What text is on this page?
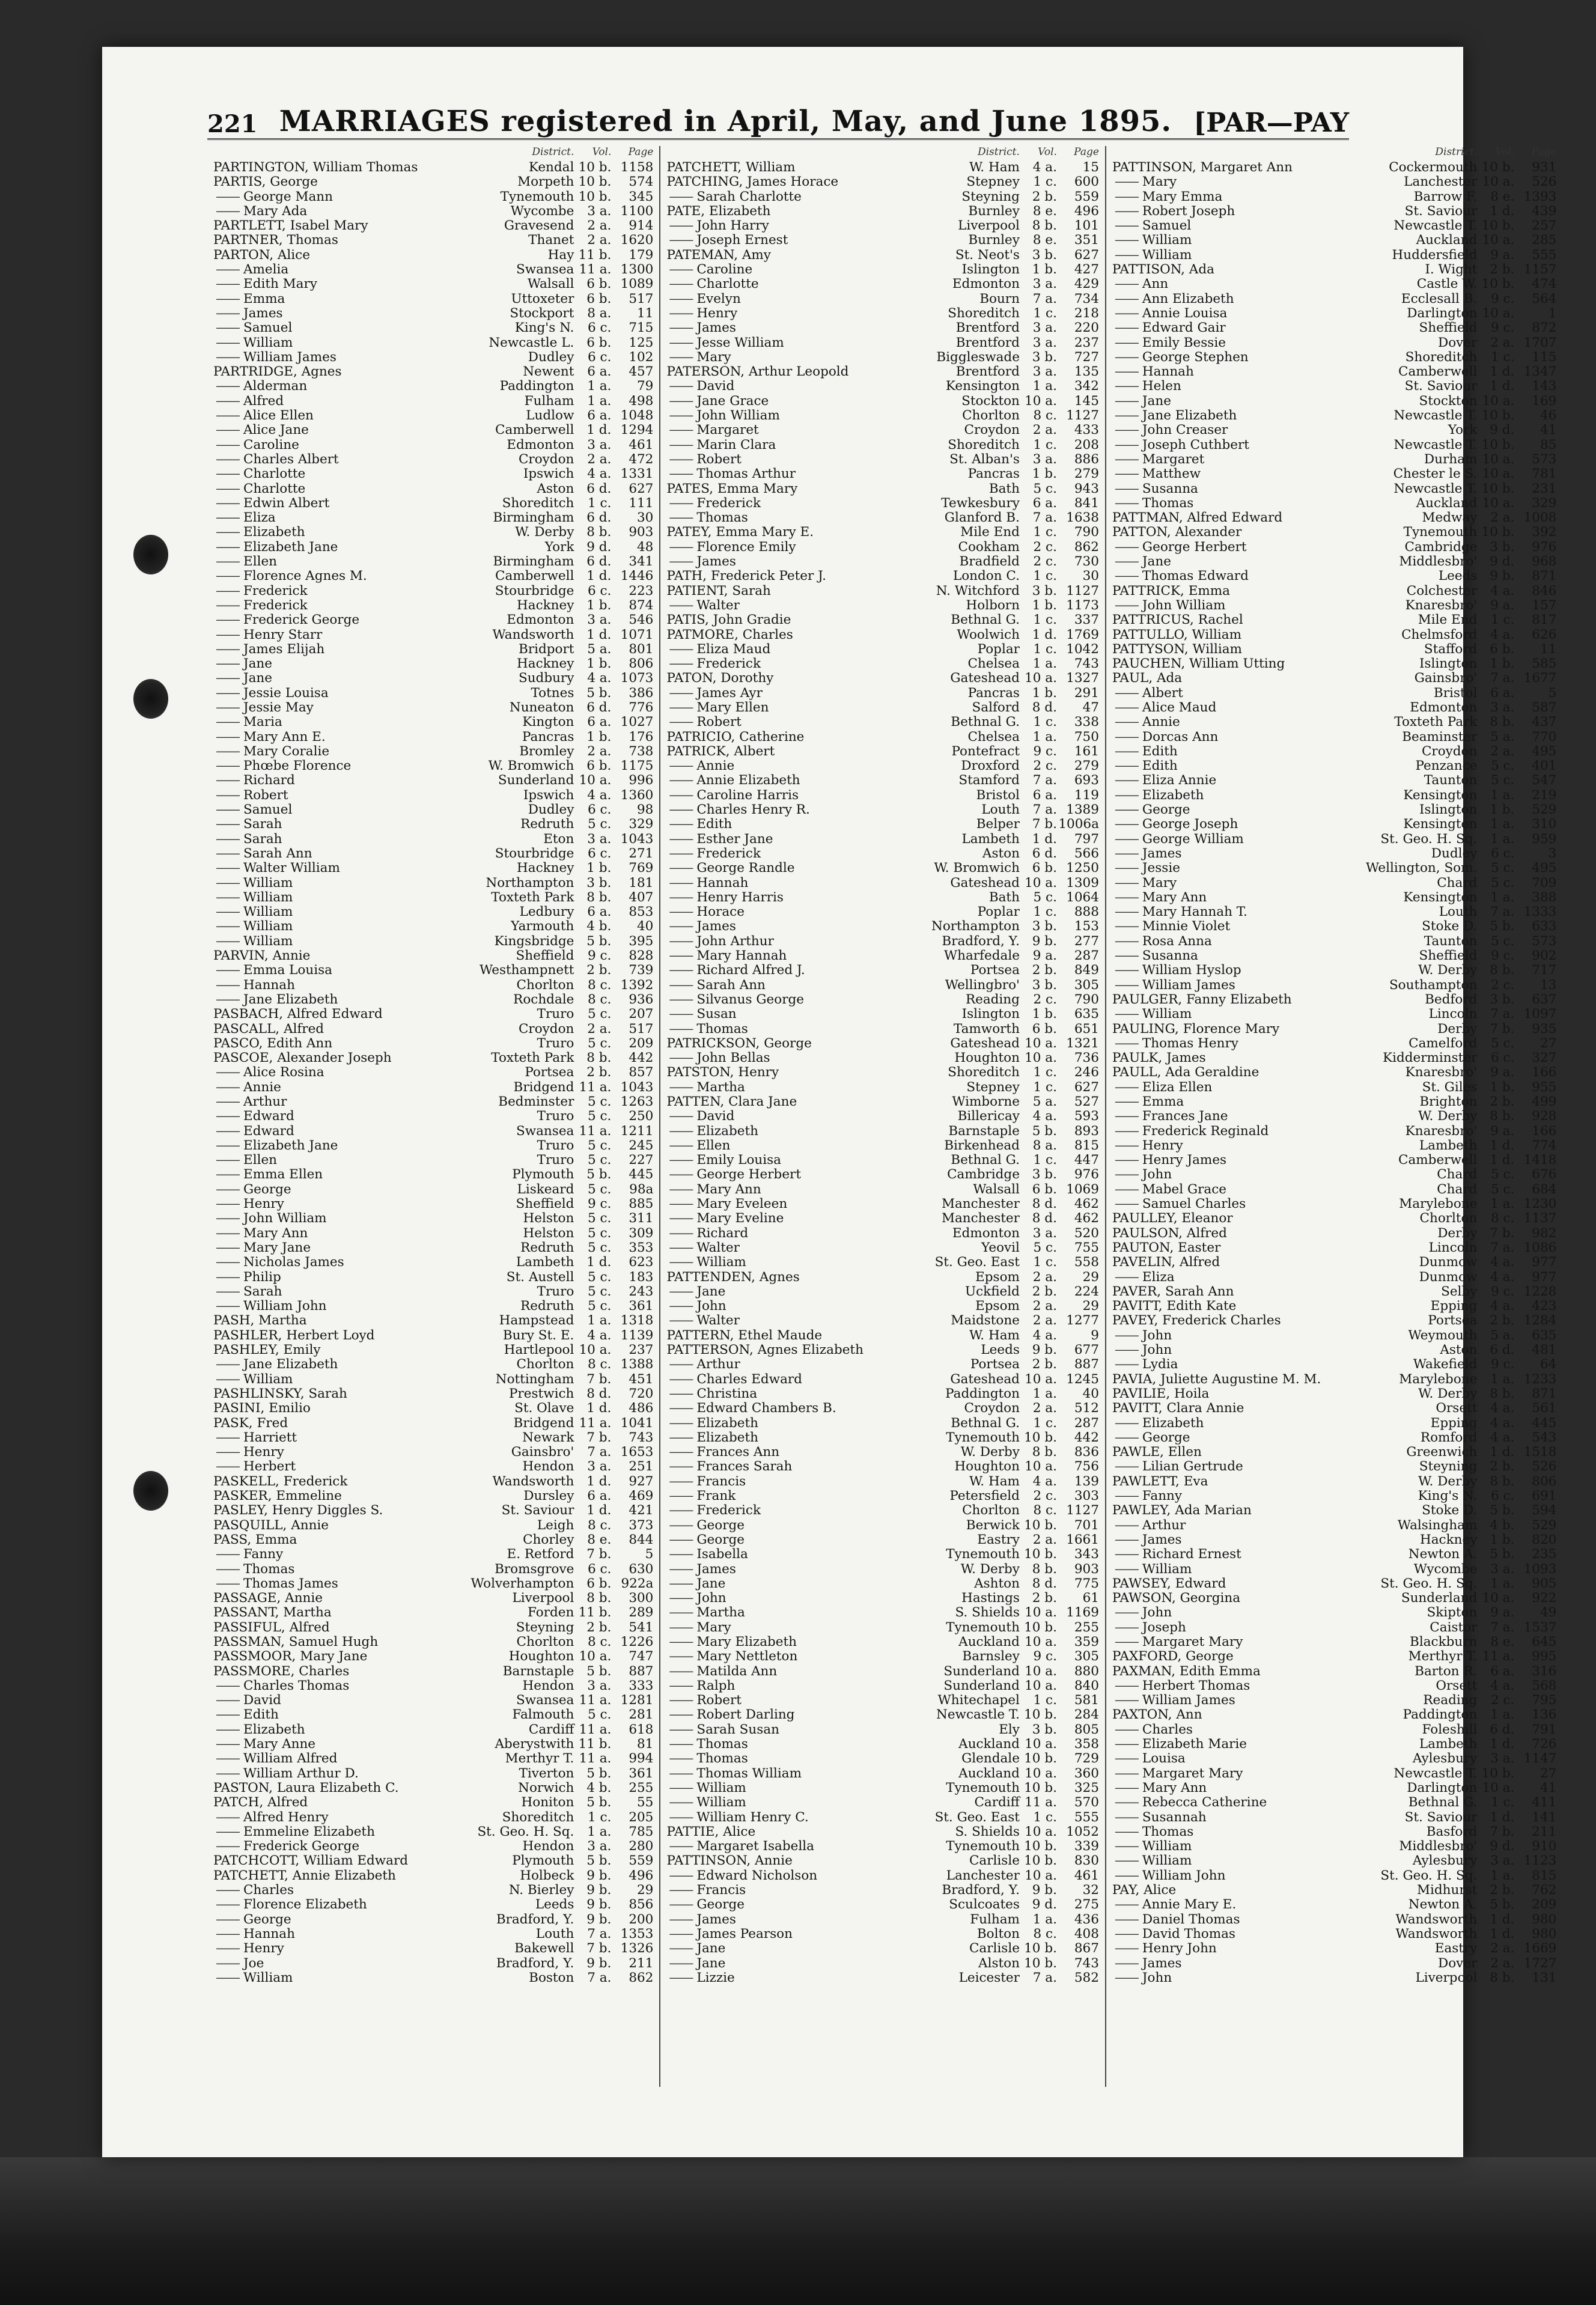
221 MARRIAGES registered in April, May, and June 1895. [PAR—PAY
District.	Vol.	Page
PARTINGTON, William Thomas	Kendal 10 b. 1158
PARTIS, George	Morpeth 10 b.	574
—— George Mann	Tynemouth 10 b.	345
—— Mary Ada	Wycombe	3 a. 1100
PARTLETT, Isabel Mary	Gravesend	2 a.	914
PARTNER, Thomas	Thanet	2 a. 1620
PARTON, Alice	Hay 11 b.	179
—— Amelia	Swansea 11 a. 1300
—— Edith Mary	Walsall 6 b. 1089
—— Emma	Uttoxeter 6 b.	517
—— James	Stockport	8 a.	11
—— Samuel	King's N.	6 c.	715
—— William	Newcastle L. 6 b.	125
—— William James	Dudley	6 c.	102
PARTRIDGE, Agnes	Newent	6 a.	457
—— Alderman	Paddington	1 a.	79
—— Alfred	Fulham	1 a.	498
—— Alice Ellen	Ludlow	6 a. 1048
—— Alice Jane	Camberwell 1 d. 1294
—— Caroline	Edmonton	3 a.	461
—— Charles Albert	Croydon	2 a.	472
—— Charlotte	Ipswich	4 a. 1331
—— Charlotte	Aston 6 d.	627
—— Edwin Albert	Shoreditch	1 c.	111
—— Eliza	Birmingham 6 d.	30
—— Elizabeth	W. Derby 8 b.	903
—— Elizabeth Jane	York 9 d.	48
—— Ellen	Birmingham 6 d.	341
—— Florence Agnes M.	Camberwell 1 d. 1446
—— Frederick	Stourbridge	6 c.	223
—— Frederick	Hackney 1 b.	874
—— Frederick George	Edmonton	3 a.	546
—— Henry Starr	Wandsworth 1 d. 1071
—— James Elijah	Bridport	5 a.	801
—— Jane	Hackney 1 b.	806
—— Jane	Sudbury	4 a. 1073
—— Jessie Louisa	Totnes 5 b.	386
—— Jessie May	Nuneaton 6 d.	776
—— Maria	Kington	6 a. 1027
—— Mary Ann E.	Pancras 1 b.	176
—— Mary Coralie	Bromley	2 a.	738
—— Phœbe Florence	W. Bromwich 6 b. 1175
—— Richard	Sunderland 10 a.	996
—— Robert	Ipswich	4 a. 1360
—— Samuel	Dudley	6 c.	98
—— Sarah	Redruth	5 c.	329
—— Sarah	Eton	3 a. 1043
—— Sarah Ann	Stourbridge	6 c.	271
—— Walter William	Hackney 1 b.	769
—— William	Northampton 3 b.	181
—— William	Toxteth Park 8 b.	407
—— William	Ledbury	6 a.	853
—— William	Yarmouth 4 b.	40
—— William	Kingsbridge 5 b.	395
PARVIN, Annie	Sheffield	9 c.	828
—— Emma Louisa	Westhampnett 2 b.	739
—— Hannah	Chorlton	8 c. 1392
—— Jane Elizabeth	Rochdale	8 c.	936
PASBACH, Alfred Edward	Truro	5 c.	207
PASCALL, Alfred	Croydon	2 a.	517
PASCO, Edith Ann	Truro	5 c.	209
PASCOE, Alexander Joseph	Toxteth Park 8 b.	442
—— Alice Rosina	Portsea 2 b.	857
—— Annie	Bridgend 11 a. 1043
—— Arthur	Bedminster	5 c. 1263
—— Edward	Truro	5 c.	250
—— Edward	Swansea 11 a. 1211
—— Elizabeth Jane	Truro	5 c.	245
—— Ellen	Truro	5 c.	227
—— Emma Ellen	Plymouth 5 b.	445
—— George	Liskeard	5 c.	98a
—— Henry	Sheffield	9 c.	885
—— John William	Helston	5 c.	311
—— Mary Ann	Helston	5 c.	309
—— Mary Jane	Redruth	5 c.	353
—— Nicholas James	Lambeth 1 d.	623
—— Philip	St. Austell	5 c.	183
—— Sarah	Truro	5 c.	243
—— William John	Redruth	5 c.	361
PASH, Martha	Hampstead	1 a. 1318
PASHLER, Herbert Loyd	Bury St. E.	4 a. 1139
PASHLEY, Emily	Hartlepool 10 a.	237
—— Jane Elizabeth	Chorlton	8 c. 1388
—— William	Nottingham 7 b.	451
PASHLINSKY, Sarah	Prestwich 8 d.	720
PASINI, Emilio	St. Olave 1 d.	486
PASK, Fred	Bridgend 11 a. 1041
—— Harriett	Newark 7 b.	743
—— Henry	Gainsbro'	7 a. 1653
—— Herbert	Hendon	3 a.	251
PASKELL, Frederick	Wandsworth 1 d.	927
PASKER, Emmeline	Dursley	6 a.	469
PASLEY, Henry Diggles S.	St. Saviour 1 d.	421
PASQUILL, Annie	Leigh	8 c.	373
PASS, Emma	Chorley	8 e.	844
—— Fanny	E. Retford 7 b.	5
—— Thomas	Bromsgrove	6 c.	630
—— Thomas James	Wolverhampton 6 b. 922a
PASSAGE, Annie	Liverpool 8 b.	300
PASSANT, Martha	Forden 11 b.	289
PASSIFUL, Alfred	Steyning 2 b.	541
PASSMAN, Samuel Hugh	Chorlton	8 c. 1226
PASSMOOR, Mary Jane	Houghton 10 a.	747
PASSMORE, Charles	Barnstaple 5 b.	887
—— Charles Thomas	Hendon	3 a.	333
—— David	Swansea 11 a. 1281
—— Edith	Falmouth	5 c.	281
—— Elizabeth	Cardiff 11 a.	618
—— Mary Anne	Aberystwith 11 b.	81
—— William Alfred	Merthyr T. 11 a.	994
—— William Arthur D.	Tiverton 5 b.	361
PASTON, Laura Elizabeth C.	Norwich 4 b.	255
PATCH, Alfred	Honiton 5 b.	55
—— Alfred Henry	Shoreditch	1 c.	205
—— Emmeline Elizabeth	St. Geo. H. Sq.	1 a.	785
—— Frederick George	Hendon	3 a.	280
PATCHCOTT, William Edward	Plymouth 5 b.	559
PATCHETT, Annie Elizabeth	Holbeck 9 b.	496
—— Charles	N. Bierley 9 b.	29
—— Florence Elizabeth	Leeds 9 b.	856
—— George	Bradford, Y. 9 b.	200
—— Hannah	Louth	7 a. 1353
—— Henry	Bakewell 7 b. 1326
—— Joe	Bradford, Y. 9 b.	211
—— William	Boston	7 a.	862
District.	Vol.	Page
PATCHETT, William	W. Ham	4 a.	15
PATCHING, James Horace	Stepney	1 c.	600
—— Sarah Charlotte	Steyning 2 b.	559
PATE, Elizabeth	Burnley	8 e.	496
—— John Harry	Liverpool 8 b.	101
—— Joseph Ernest	Burnley	8 e.	351
PATEMAN, Amy	St. Neot's 3 b.	627
—— Caroline	Islington 1 b.	427
—— Charlotte	Edmonton	3 a.	429
—— Evelyn	Bourn	7 a.	734
—— Henry	Shoreditch	1 c.	218
—— James	Brentford	3 a.	220
—— Jesse William	Brentford	3 a.	237
—— Mary	Biggleswade 3 b.	727
PATERSON, Arthur Leopold	Brentford	3 a.	135
—— David	Kensington	1 a.	342
—— Jane Grace	Stockton 10 a.	145
—— John William	Chorlton	8 c. 1127
—— Margaret	Croydon	2 a.	433
—— Marin Clara	Shoreditch	1 c.	208
—— Robert	St. Alban's	3 a.	886
—— Thomas Arthur	Pancras 1 b.	279
PATES, Emma Mary	Bath	5 c.	943
—— Frederick	Tewkesbury	6 a.	841
—— Thomas	Glanford B.	7 a. 1638
PATEY, Emma Mary E.	Mile End	1 c.	790
—— Florence Emily	Cookham	2 c.	862
—— James	Bradfield	2 c.	730
PATH, Frederick Peter J.	London C.	1 c.	30
PATIENT, Sarah	N. Witchford 3 b. 1127
—— Walter	Holborn 1 b. 1173
PATIS, John Gradie	Bethnal G.	1 c.	337
PATMORE, Charles	Woolwich 1 d. 1769
—— Eliza Maud	Poplar	1 c. 1042
—— Frederick	Chelsea	1 a.	743
PATON, Dorothy	Gateshead 10 a. 1327
—— James Ayr	Pancras 1 b.	291
—— Mary Ellen	Salford 8 d.	47
—— Robert	Bethnal G.	1 c.	338
PATRICIO, Catherine	Chelsea	1 a.	750
PATRICK, Albert	Pontefract	9 c.	161
—— Annie	Droxford	2 c.	279
—— Annie Elizabeth	Stamford	7 a.	693
—— Caroline Harris	Bristol	6 a.	119
—— Charles Henry R.	Louth	7 a. 1389
—— Edith	Belper 7 b. 1006a
—— Esther Jane	Lambeth 1 d.	797
—— Frederick	Aston 6 d.	566
—— George Randle	W. Bromwich 6 b. 1250
—— Hannah	Gateshead 10 a. 1309
—— Henry Harris	Bath	5 c. 1064
—— Horace	Poplar	1 c.	888
—— James	Northampton 3 b.	153
—— John Arthur	Bradford, Y. 9 b.	277
—— Mary Hannah	Wharfedale	9 a.	287
—— Richard Alfred J.	Portsea 2 b.	849
—— Sarah Ann	Wellingbro' 3 b.	305
—— Silvanus George	Reading	2 c.	790
—— Susan	Islington 1 b.	635
—— Thomas	Tamworth 6 b.	651
PATRICKSON, George	Gateshead 10 a. 1321
—— John Bellas	Houghton 10 a.	736
PATSTON, Henry	Shoreditch	1 c.	246
—— Martha	Stepney	1 c.	627
PATTEN, Clara Jane	Wimborne	5 a.	527
—— David	Billericay	4 a.	593
—— Elizabeth	Barnstaple 5 b.	893
—— Ellen	Birkenhead	8 a.	815
—— Emily Louisa	Bethnal G.	1 c.	447
—— George Herbert	Cambridge 3 b.	976
—— Mary Ann	Walsall 6 b. 1069
—— Mary Eveleen	Manchester 8 d.	462
—— Mary Eveline	Manchester 8 d.	462
—— Richard	Edmonton	3 a.	520
—— Walter	Yeovil	5 c.	755
—— William	St. Geo. East	1 c.	558
PATTENDEN, Agnes	Epsom	2 a.	29
—— Jane	Uckfield 2 b.	224
—— John	Epsom	2 a.	29
—— Walter	Maidstone	2 a. 1277
PATTERN, Ethel Maude	W. Ham	4 a.	9
PATTERSON, Agnes Elizabeth	Leeds 9 b.	677
—— Arthur	Portsea 2 b.	887
—— Charles Edward	Gateshead 10 a. 1245
—— Christina	Paddington	1 a.	40
—— Edward Chambers B.	Croydon	2 a.	512
—— Elizabeth	Bethnal G.	1 c.	287
—— Elizabeth	Tynemouth 10 b.	442
—— Frances Ann	W. Derby 8 b.	836
—— Frances Sarah	Houghton 10 a.	756
—— Francis	W. Ham	4 a.	139
—— Frank	Petersfield	2 c.	303
—— Frederick	Chorlton	8 c. 1127
—— George	Berwick 10 b.	701
—— George	Eastry	2 a. 1661
—— Isabella	Tynemouth 10 b.	343
—— James	W. Derby 8 b.	903
—— Jane	Ashton 8 d.	775
—— John	Hastings 2 b.	61
—— Martha	S. Shields 10 a. 1169
—— Mary	Tynemouth 10 b.	255
—— Mary Elizabeth	Auckland 10 a.	359
—— Mary Nettleton	Barnsley	9 c.	305
—— Matilda Ann	Sunderland 10 a.	880
—— Ralph	Sunderland 10 a.	840
—— Robert	Whitechapel	1 c.	581
—— Robert Darling	Newcastle T. 10 b.	284
—— Sarah Susan	Ely 3 b.	805
—— Thomas	Auckland 10 a.	358
—— Thomas	Glendale 10 b.	729
—— Thomas William	Auckland 10 a.	360
—— William	Tynemouth 10 b.	325
—— William	Cardiff 11 a.	570
—— William Henry C.	St. Geo. East	1 c.	555
PATTIE, Alice	S. Shields 10 a. 1052
—— Margaret Isabella	Tynemouth 10 b.	339
PATTINSON, Annie	Carlisle 10 b.	830
—— Edward Nicholson	Lanchester 10 a.	461
—— Francis	Bradford, Y. 9 b.	32
—— George	Sculcoates 9 d.	275
—— James	Fulham	1 a.	436
—— James Pearson	Bolton	8 c.	408
—— Jane	Carlisle 10 b.	867
—— Jane	Alston 10 b.	743
—— Lizzie	Leicester	7 a.	582
District.	Vol.	Page
PATTINSON, Margaret Ann	Cockermouth 10 b.	931
—— Mary	Lanchester 10 a.	526
—— Mary Emma	Barrow F.	8 e. 1393
—— Robert Joseph	St. Saviour 1 d.	439
—— Samuel	Newcastle T. 10 b.	257
—— William	Auckland 10 a.	285
—— William	Huddersfield	9 a.	555
PATTISON, Ada	I. Wight 2 b. 1157
—— Ann	Castle W. 10 b.	474
—— Ann Elizabeth	Ecclesall B.	9 c.	564
—— Annie Louisa	Darlington 10 a.	1
—— Edward Gair	Sheffield	9 c.	872
—— Emily Bessie	Dover	2 a. 1707
—— George Stephen	Shoreditch	1 c.	115
—— Hannah	Camberwell 1 d. 1347
—— Helen	St. Saviour 1 d.	143
—— Jane	Stockton 10 a.	169
—— Jane Elizabeth	Newcastle T. 10 b.	46
—— John Creaser	York 9 d.	41
—— Joseph Cuthbert	Newcastle T. 10 b.	85
—— Margaret	Durham 10 a.	573
—— Matthew	Chester le S. 10 a.	781
—— Susanna	Newcastle T. 10 b.	231
—— Thomas	Auckland 10 a.	329
PATTMAN, Alfred Edward	Medway	2 a. 1008
PATTON, Alexander	Tynemouth 10 b.	392
—— George Herbert	Cambridge 3 b.	976
—— Jane	Middlesbro' 9 d.	968
—— Thomas Edward	Leeds 9 b.	871
PATTRICK, Emma	Colchester	4 a.	846
—— John William	Knaresbro'	9 a.	157
PATTRICUS, Rachel	Mile End	1 c.	817
PATTULLO, William	Chelmsford	4 a.	626
PATTYSON, William	Stafford 6 b.	11
PAUCHEN, William Utting	Islington 1 b.	585
PAUL, Ada	Gainsbro'	7 a. 1677
—— Albert	Bristol	6 a.	5
—— Alice Maud	Edmonton	3 a.	587
—— Annie	Toxteth Park 8 b.	437
—— Dorcas Ann	Beaminster	5 a.	770
—— Edith	Croydon	2 a.	495
—— Edith	Penzance	5 c.	401
—— Eliza Annie	Taunton	5 c.	547
—— Elizabeth	Kensington	1 a.	219
—— George	Islington 1 b.	529
—— George Joseph	Kensington	1 a.	310
—— George William	St. Geo. H. Sq.	1 a.	959
—— James	Dudley	6 c.	3
—— Jessie	Wellington, Som.	5 c.	495
—— Mary	Chard	5 c.	709
—— Mary Ann	Kensington	1 a.	388
—— Mary Hannah T.	Louth	7 a. 1333
—— Minnie Violet	Stoke D. 5 b.	633
—— Rosa Anna	Taunton	5 c.	573
—— Susanna	Sheffield	9 c.	902
—— William Hyslop	W. Derby 8 b.	717
—— William James	Southampton	2 c.	13
PAULGER, Fanny Elizabeth	Bedford 3 b.	637
—— William	Lincoln	7 a. 1097
PAULING, Florence Mary	Derby 7 b.	935
—— Thomas Henry	Camelford	5 c.	27
PAULK, James	Kidderminster	6 c.	327
PAULL, Ada Geraldine	Knaresbro'	9 a.	166
—— Eliza Ellen	St. Giles 1 b.	955
—— Emma	Brighton 2 b.	499
—— Frances Jane	W. Derby 8 b.	928
—— Frederick Reginald	Knaresbro'	9 a.	166
—— Henry	Lambeth 1 d.	774
—— Henry James	Camberwell 1 d. 1418
—— John	Chard	5 c.	676
—— Mabel Grace	Chard	5 c.	684
—— Samuel Charles	Marylebone	1 a. 1230
PAULLEY, Eleanor	Chorlton	8 c. 1137
PAULSON, Alfred	Derby 7 b.	982
PAUTON, Easter	Lincoln	7 a. 1086
PAVELIN, Alfred	Dunmow	4 a.	977
—— Eliza	Dunmow	4 a.	977
PAVER, Sarah Ann	Selby	9 c. 1228
PAVITT, Edith Kate	Epping	4 a.	423
PAVEY, Frederick Charles	Portsea 2 b. 1284
—— John	Weymouth	5 a.	635
—— John	Aston 6 d.	481
—— Lydia	Wakefield	9 c.	64
PAVIA, Juliette Augustine M. M.	Marylebone	1 a. 1233
PAVILIE, Hoila	W. Derby 8 b.	871
PAVITT, Clara Annie	Orsett	4 a.	561
—— Elizabeth	Epping	4 a.	445
—— George	Romford	4 a.	543
PAWLE, Ellen	Greenwich 1 d. 1518
—— Lilian Gertrude	Steyning 2 b.	526
PAWLETT, Eva	W. Derby 8 b.	806
—— Fanny	King's N.	6 c.	691
PAWLEY, Ada Marian	Stoke D. 5 b.	594
—— Arthur	Walsingham 4 b.	529
—— James	Hackney 1 b.	820
—— Richard Ernest	Newton A. 5 b.	235
—— William	Wycombe	3 a. 1093
PAWSEY, Edward	St. Geo. H. Sq.	1 a.	905
PAWSON, Georgina	Sunderland 10 a.	922
—— John	Skipton	9 a.	49
—— Joseph	Caistor	7 a. 1537
—— Margaret Mary	Blackburn	8 e.	645
PAXFORD, George	Merthyr T. 11 a.	995
PAXMAN, Edith Emma	Barton R.	6 a.	316
—— Herbert Thomas	Orsett	4 a.	568
—— William James	Reading	2 c.	795
PAXTON, Ann	Paddington	1 a.	136
—— Charles	Foleshill 6 d.	791
—— Elizabeth Marie	Lambeth 1 d.	726
—— Louisa	Aylesbury	3 a. 1147
—— Margaret Mary	Newcastle T. 10 b.	27
—— Mary Ann	Darlington 10 a.	41
—— Rebecca Catherine	Bethnal G.	1 c.	411
—— Susannah	St. Saviour 1 d.	141
—— Thomas	Basford 7 b.	211
—— William	Middlesbro' 9 d.	910
—— William	Aylesbury	3 a. 1123
—— William John	St. Geo. H. Sq.	1 a.	815
PAY, Alice	Midhurst 2 b.	762
—— Annie Mary E.	Newton A. 5 b.	209
—— Daniel Thomas	Wandsworth 1 d.	980
—— David Thomas	Wandsworth 1 d.	980
—— Henry John	Eastry	2 a. 1669
—— James	Dover	2 a. 1727
—— John	Liverpool 8 b.	131
